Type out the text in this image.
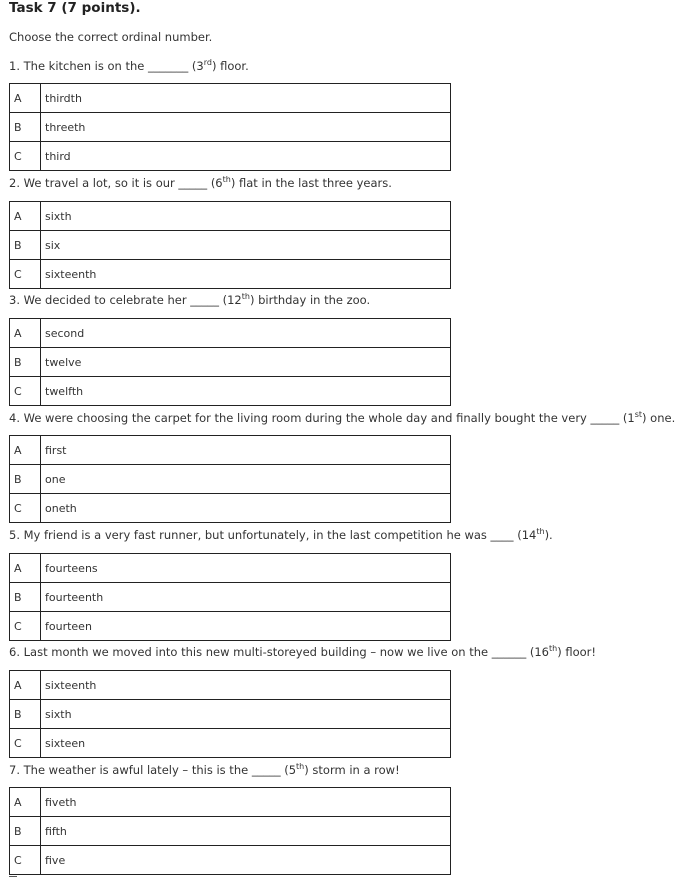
Task 7 (7 points).
Choose the correct ordinal number.
1. The kitchen is on the _______ (3rd) floor.
A	thirdth
B	threeth
C	third
2. We travel a lot, so it is our _____ (6th) flat in the last three years.
A	sixth
B	six
C	sixteenth
3. We decided to celebrate her _____ (12th) birthday in the zoo.
A	second
B	twelve
C	twelfth
4. We were choosing the carpet for the living room during the whole day and finally bought the very _____ (1st) one.
A	first
B	one
C	oneth
5. My friend is a very fast runner, but unfortunately, in the last competition he was ____ (14th).
A	fourteens
B	fourteenth
C	fourteen
6. Last month we moved into this new multi-storeyed building – now we live on the ______ (16th) floor!
A	sixteenth
B	sixth
C	sixteen
7. The weather is awful lately – this is the _____ (5th) storm in a row!
A	fiveth
B	fifth
C	five
